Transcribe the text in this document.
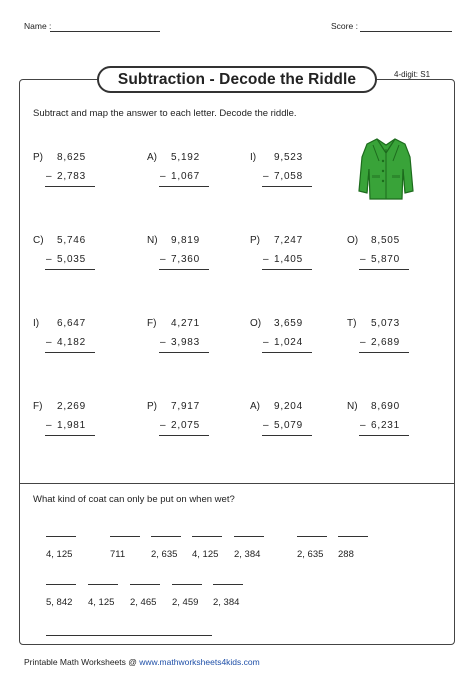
Name :	Score :
Subtraction - Decode the Riddle	4-digit: S1
Subtract and map the answer to each letter. Decode the riddle.
P) 8,625
– 2,783
A) 5,192
– 1,067
I) 9,523
– 7,058
C) 5,746
– 5,035
N) 9,819
– 7,360
P) 7,247
– 1,405
O) 8,505
– 5,870
I) 6,647
– 4,182
F) 4,271
– 3,983
O) 3,659
– 1,024
T) 5,073
– 2,689
F) 2,269
– 1,981
P) 7,917
– 2,075
A) 9,204
– 5,079
N) 8,690
– 6,231
What kind of coat can only be put on when wet?
4, 125	711	2, 635	4, 125	2, 384	2, 635	288
5, 842	4, 125	2, 465	2, 459	2, 384
Printable Math Worksheets @ www.mathworksheets4kids.com
